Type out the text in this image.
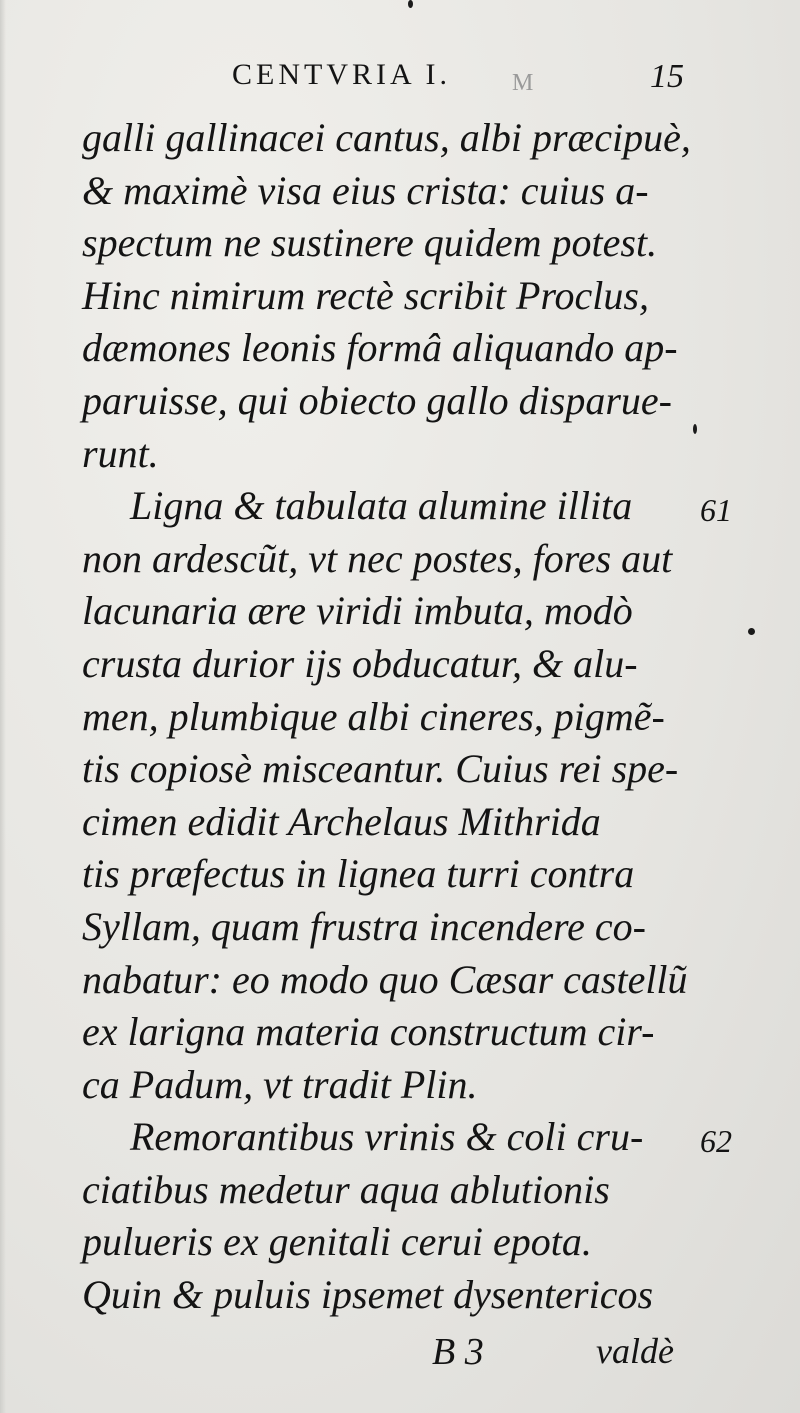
CENTVRIA I.	M	15
galli gallinacei cantus, albi præcipuè,
& maximè visa eius crista: cuius a-
spectum ne sustinere quidem potest.
Hinc nimirum rectè scribit Proclus,
dæmones leonis formâ aliquando ap-
paruisse, qui obiecto gallo disparue-
runt.
Ligna & tabulata alumine illita 61
non ardescũt, vt nec postes, fores aut
lacunaria ære viridi imbuta, modò
crusta durior ijs obducatur, & alu-
men, plumbique albi cineres, pigmẽ-
tis copiosè misceantur. Cuius rei spe-
cimen edidit Archelaus Mithrida
tis præfectus in lignea turri contra
Syllam, quam frustra incendere co-
nabatur: eo modo quo Cæsar castellũ
ex larigna materia constructum cir-
ca Padum, vt tradit Plin.
Remorantibus vrinis & coli cru- 62
ciatibus medetur aqua ablutionis
pulueris ex genitali cerui epota.
Quin & puluis ipsemet dysentericos
B 3	valdè
